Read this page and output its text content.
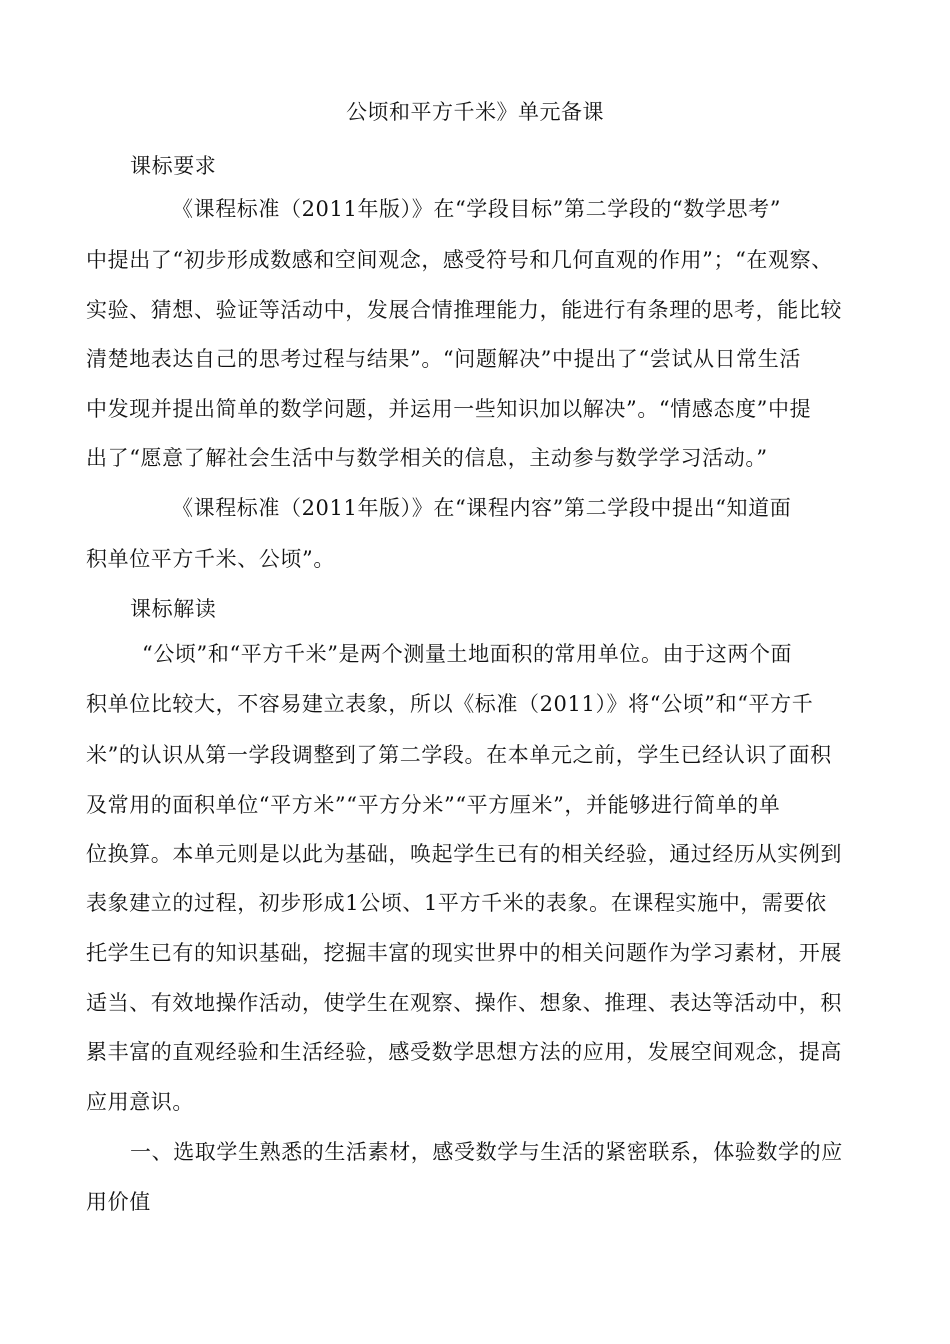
公顷和平方千米》单元备课
课标要求
《课程标准（2011年版）》在“学段目标”第二学段的“数学思考”
中提出了“初步形成数感和空间观念，感受符号和几何直观的作用”；“在观察、
实验、猜想、验证等活动中，发展合情推理能力，能进行有条理的思考，能比较
清楚地表达自己的思考过程与结果”。“问题解决”中提出了“尝试从日常生活
中发现并提出简单的数学问题，并运用一些知识加以解决”。“情感态度”中提
出了“愿意了解社会生活中与数学相关的信息，主动参与数学学习活动。”
《课程标准（2011年版）》在“课程内容”第二学段中提出“知道面
积单位平方千米、公顷”。
课标解读
“公顷”和“平方千米”是两个测量土地面积的常用单位。由于这两个面
积单位比较大，不容易建立表象，所以《标准（2011）》将“公顷”和“平方千
米”的认识从第一学段调整到了第二学段。在本单元之前，学生已经认识了面积
及常用的面积单位“平方米”“平方分米”“平方厘米”，并能够进行简单的单
位换算。本单元则是以此为基础，唤起学生已有的相关经验，通过经历从实例到
表象建立的过程，初步形成1公顷、1平方千米的表象。在课程实施中，需要依
托学生已有的知识基础，挖掘丰富的现实世界中的相关问题作为学习素材，开展
适当、有效地操作活动，使学生在观察、操作、想象、推理、表达等活动中，积
累丰富的直观经验和生活经验，感受数学思想方法的应用，发展空间观念，提高
应用意识。
一、选取学生熟悉的生活素材，感受数学与生活的紧密联系，体验数学的应
用价值
